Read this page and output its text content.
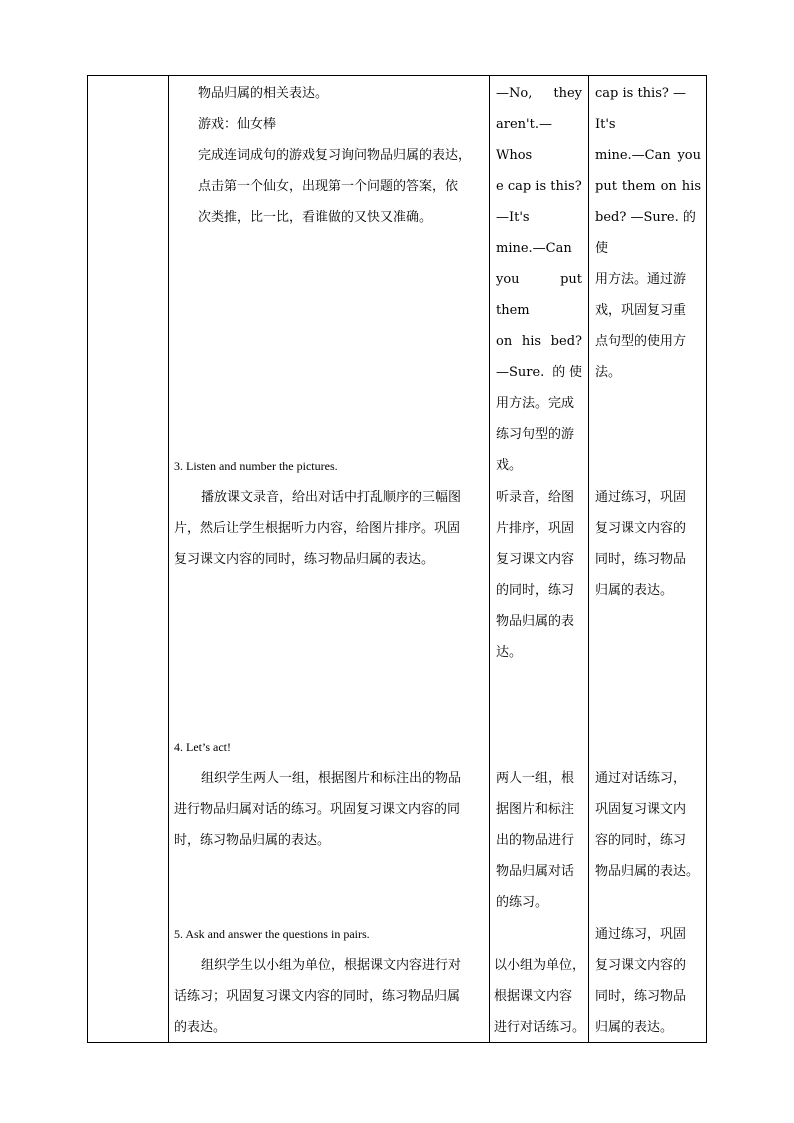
物品归属的相关表达。
游戏：仙女棒
完成连词成句的游戏复习询问物品归属的表达，
点击第一个仙女，出现第一个问题的答案，依
次类推，比一比，看谁做的又快又准确。
—No, they
aren't.—Whos
e cap is this?
—It's
mine.—Can
you put them
on his bed?
—Sure. 的使
用方法。完成
练习句型的游
戏。
cap is this? —It's
mine.—Can you
put them on his
bed? —Sure. 的使
用方法。通过游
戏，巩固复习重
点句型的使用方
法。
3. Listen and number the pictures.
播放课文录音，给出对话中打乱顺序的三幅图
片，然后让学生根据听力内容，给图片排序。巩固
复习课文内容的同时，练习物品归属的表达。
听录音，给图
片排序，巩固
复习课文内容
的同时，练习
物品归属的表
达。
通过练习，巩固
复习课文内容的
同时，练习物品
归属的表达。
4. Let’s act!
组织学生两人一组，根据图片和标注出的物品
进行物品归属对话的练习。巩固复习课文内容的同
时，练习物品归属的表达。
两人一组，根
据图片和标注
出的物品进行
物品归属对话
的练习。
通过对话练习，
巩固复习课文内
容的同时，练习
物品归属的表达。
5. Ask and answer the questions in pairs.
组织学生以小组为单位，根据课文内容进行对
话练习；巩固复习课文内容的同时，练习物品归属
的表达。
以小组为单位，
根据课文内容
进行对话练习。
通过练习，巩固
复习课文内容的
同时，练习物品
归属的表达。
